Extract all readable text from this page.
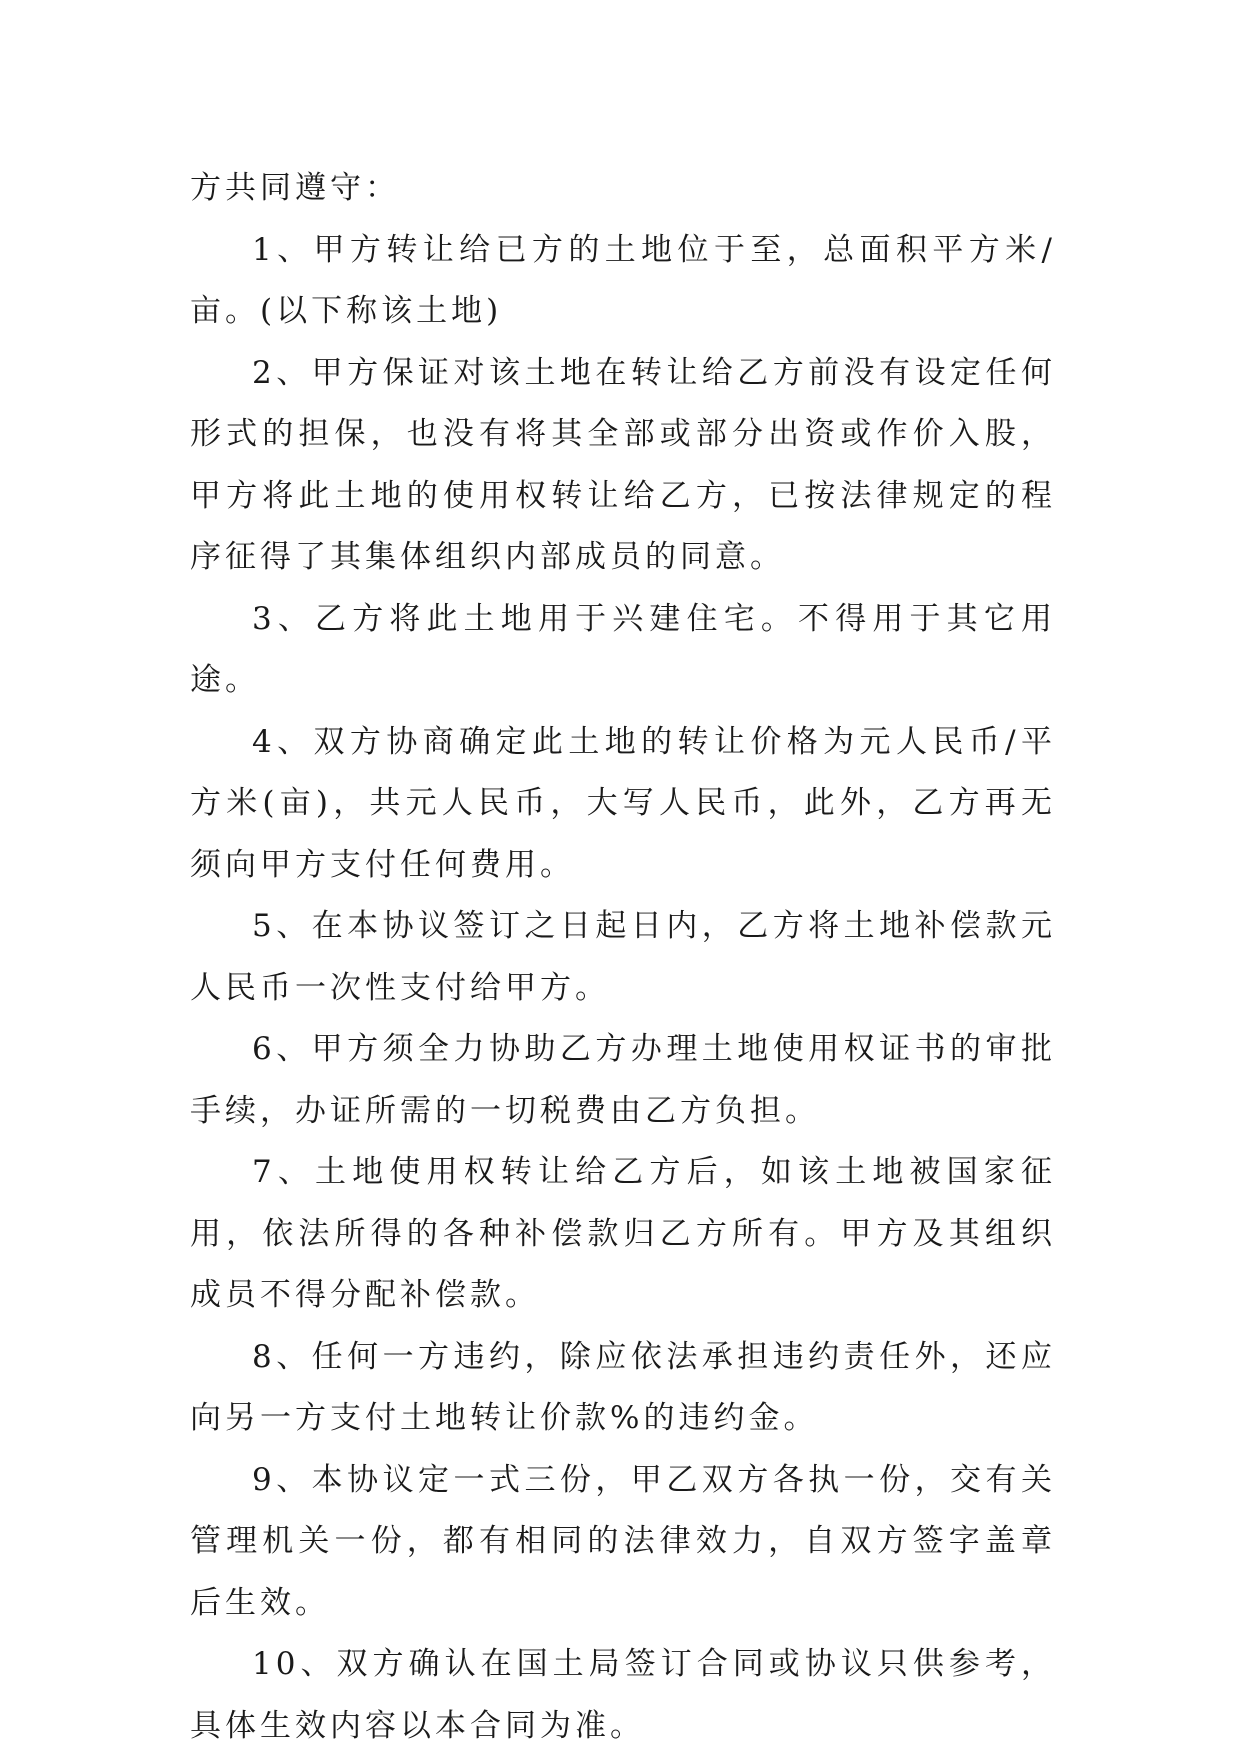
方共同遵守：

1、甲方转让给已方的土地位于至，总面积平方米/亩。(以下称该土地)

2、甲方保证对该土地在转让给乙方前没有设定任何形式的担保，也没有将其全部或部分出资或作价入股，甲方将此土地的使用权转让给乙方，已按法律规定的程序征得了其集体组织内部成员的同意。

3、乙方将此土地用于兴建住宅。不得用于其它用途。

4、双方协商确定此土地的转让价格为元人民币/平方米(亩)，共元人民币，大写人民币，此外，乙方再无须向甲方支付任何费用。

5、在本协议签订之日起日内，乙方将土地补偿款元人民币一次性支付给甲方。

6、甲方须全力协助乙方办理土地使用权证书的审批手续，办证所需的一切税费由乙方负担。

7、土地使用权转让给乙方后，如该土地被国家征用，依法所得的各种补偿款归乙方所有。甲方及其组织成员不得分配补偿款。

8、任何一方违约，除应依法承担违约责任外，还应向另一方支付土地转让价款%的违约金。

9、本协议定一式三份，甲乙双方各执一份，交有关管理机关一份，都有相同的法律效力，自双方签字盖章后生效。

10、双方确认在国土局签订合同或协议只供参考，具体生效内容以本合同为准。
